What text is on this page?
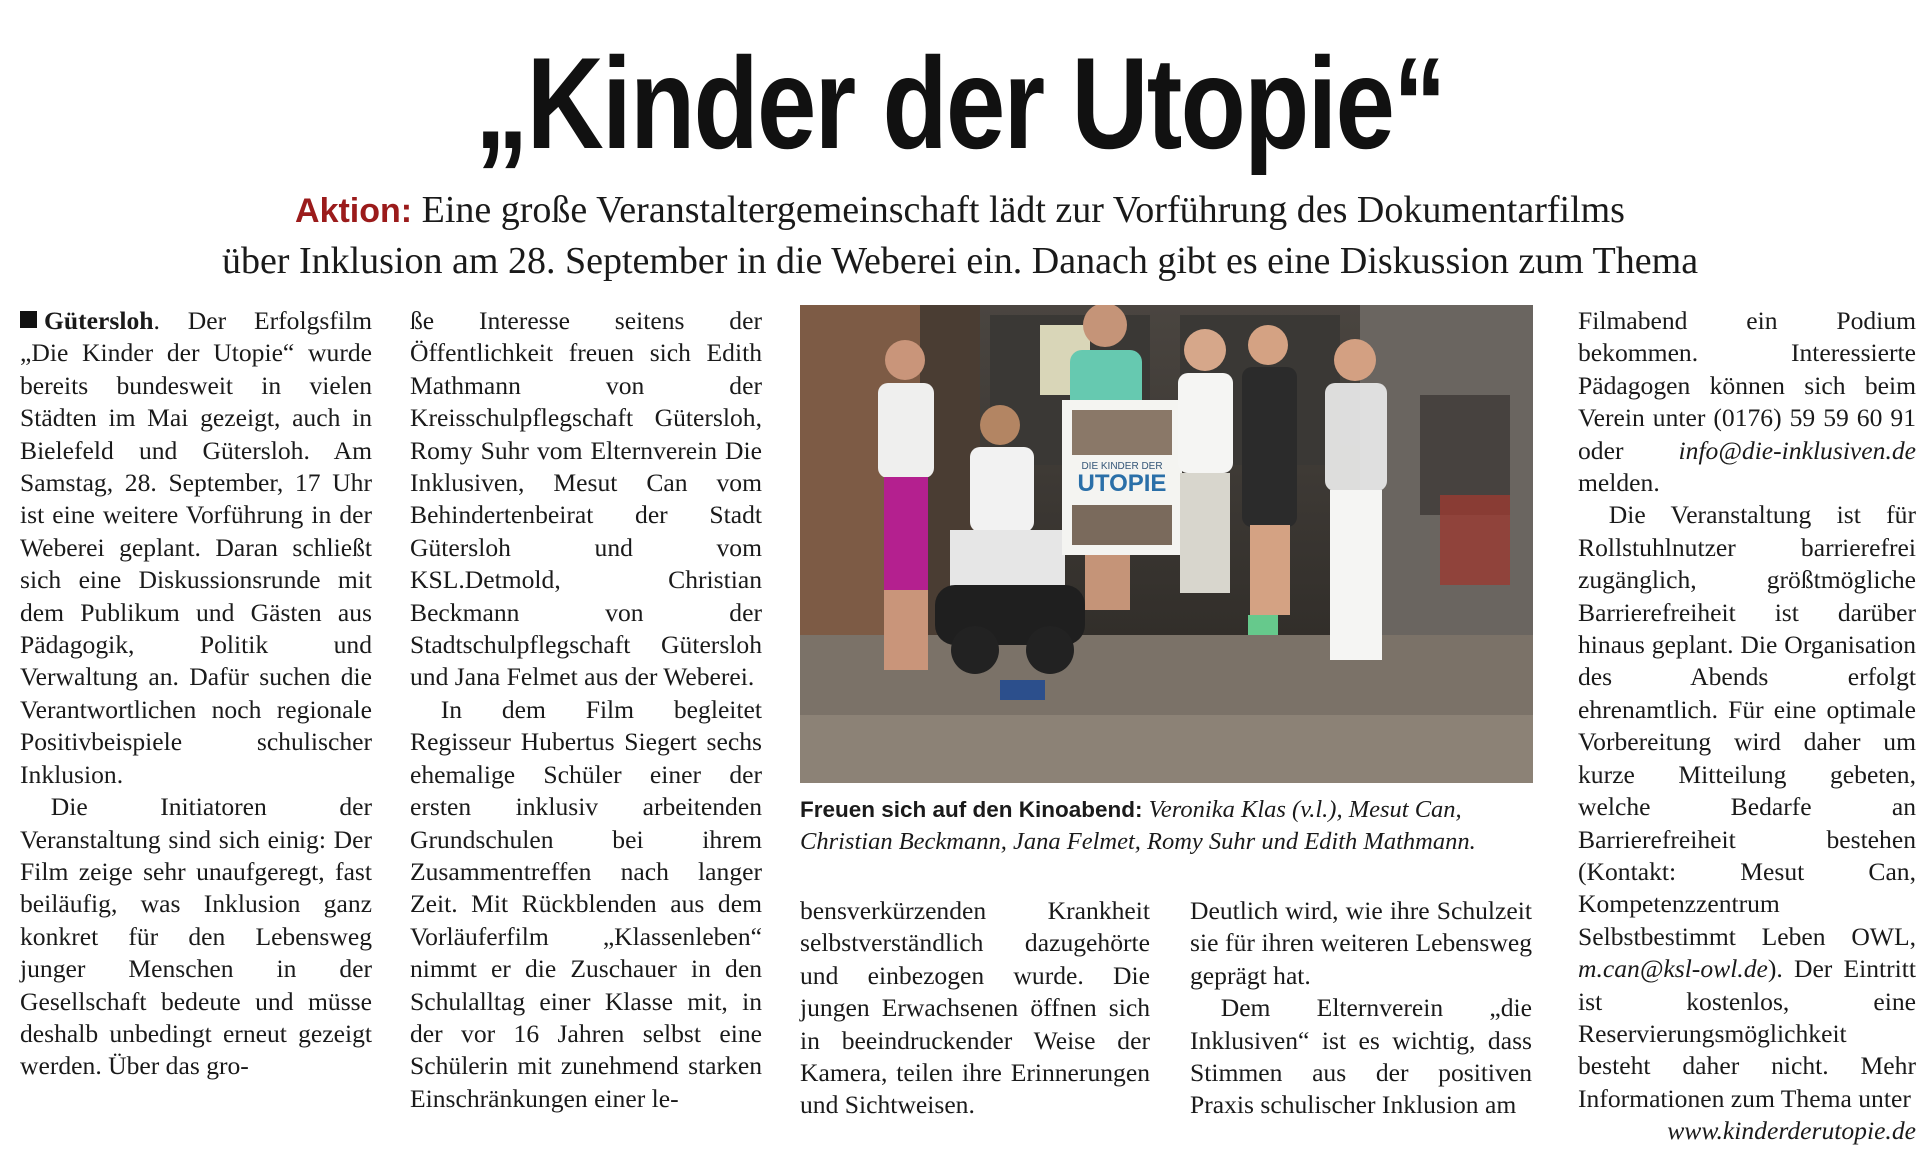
„Kinder der Utopie“
Aktion: Eine große Veranstaltergemeinschaft lädt zur Vorführung des Dokumentarfilms
über Inklusion am 28. September in die Weberei ein. Danach gibt es eine Diskussion zum Thema

Gütersloh. Der Erfolgsfilm „Die Kinder der Utopie“ wurde bereits bundesweit in vielen Städten im Mai gezeigt, auch in Bielefeld und Gütersloh. Am Samstag, 28. September, 17 Uhr ist eine weitere Vorführung in der Weberei geplant. Daran schließt sich eine Diskussionsrunde mit dem Publikum und Gästen aus Pädagogik, Politik und Verwaltung an. Dafür suchen die Verantwortlichen noch regionale Positivbeispiele schulischer Inklusion.

Die Initiatoren der Veranstaltung sind sich einig: Der Film zeige sehr unaufgeregt, fast beiläufig, was Inklusion ganz konkret für den Lebensweg junger Menschen in der Gesellschaft bedeute und müsse deshalb unbedingt erneut gezeigt werden. Über das gro-

ße Interesse seitens der Öffentlichkeit freuen sich Edith Mathmann von der Kreisschulpflegschaft Gütersloh, Romy Suhr vom Elternverein Die Inklusiven, Mesut Can vom Behindertenbeirat der Stadt Gütersloh und vom KSL.Detmold, Christian Beckmann von der Stadtschulpflegschaft Gütersloh und Jana Felmet aus der Weberei.

In dem Film begleitet Regisseur Hubertus Siegert sechs ehemalige Schüler einer der ersten inklusiv arbeitenden Grundschulen bei ihrem Zusammentreffen nach langer Zeit. Mit Rückblenden aus dem Vorläuferfilm „Klassenleben“ nimmt er die Zuschauer in den Schulalltag einer Klasse mit, in der vor 16 Jahren selbst eine Schülerin mit zunehmend starken Einschränkungen einer le-

DIE KINDER DER
UTOPIE
Freuen sich auf den Kinoabend: Veronika Klas (v.l.), Mesut Can, Christian Beckmann, Jana Felmet, Romy Suhr und Edith Mathmann.

bensverkürzenden Krankheit selbstverständlich dazugehörte und einbezogen wurde. Die jungen Erwachsenen öffnen sich in beeindruckender Weise der Kamera, teilen ihre Erinnerungen und Sichtweisen.

Deutlich wird, wie ihre Schulzeit sie für ihren weiteren Lebensweg geprägt hat.

Dem Elternverein „die Inklusiven“ ist es wichtig, dass Stimmen aus der positiven Praxis schulischer Inklusion am

Filmabend ein Podium bekommen. Interessierte Pädagogen können sich beim Verein unter (0176) 59 59 60 91 oder info@die-inklusiven.de melden.

Die Veranstaltung ist für Rollstuhlnutzer barrierefrei zugänglich, größtmögliche Barrierefreiheit ist darüber hinaus geplant. Die Organisation des Abends erfolgt ehrenamtlich. Für eine optimale Vorbereitung wird daher um kurze Mitteilung gebeten, welche Bedarfe an Barrierefreiheit bestehen (Kontakt: Mesut Can, Kompetenzzentrum Selbstbestimmt Leben OWL, m.can@ksl-owl.de). Der Eintritt ist kostenlos, eine Reservierungsmöglichkeit besteht daher nicht. Mehr Informationen zum Thema unter

www.kinderderutopie.de
